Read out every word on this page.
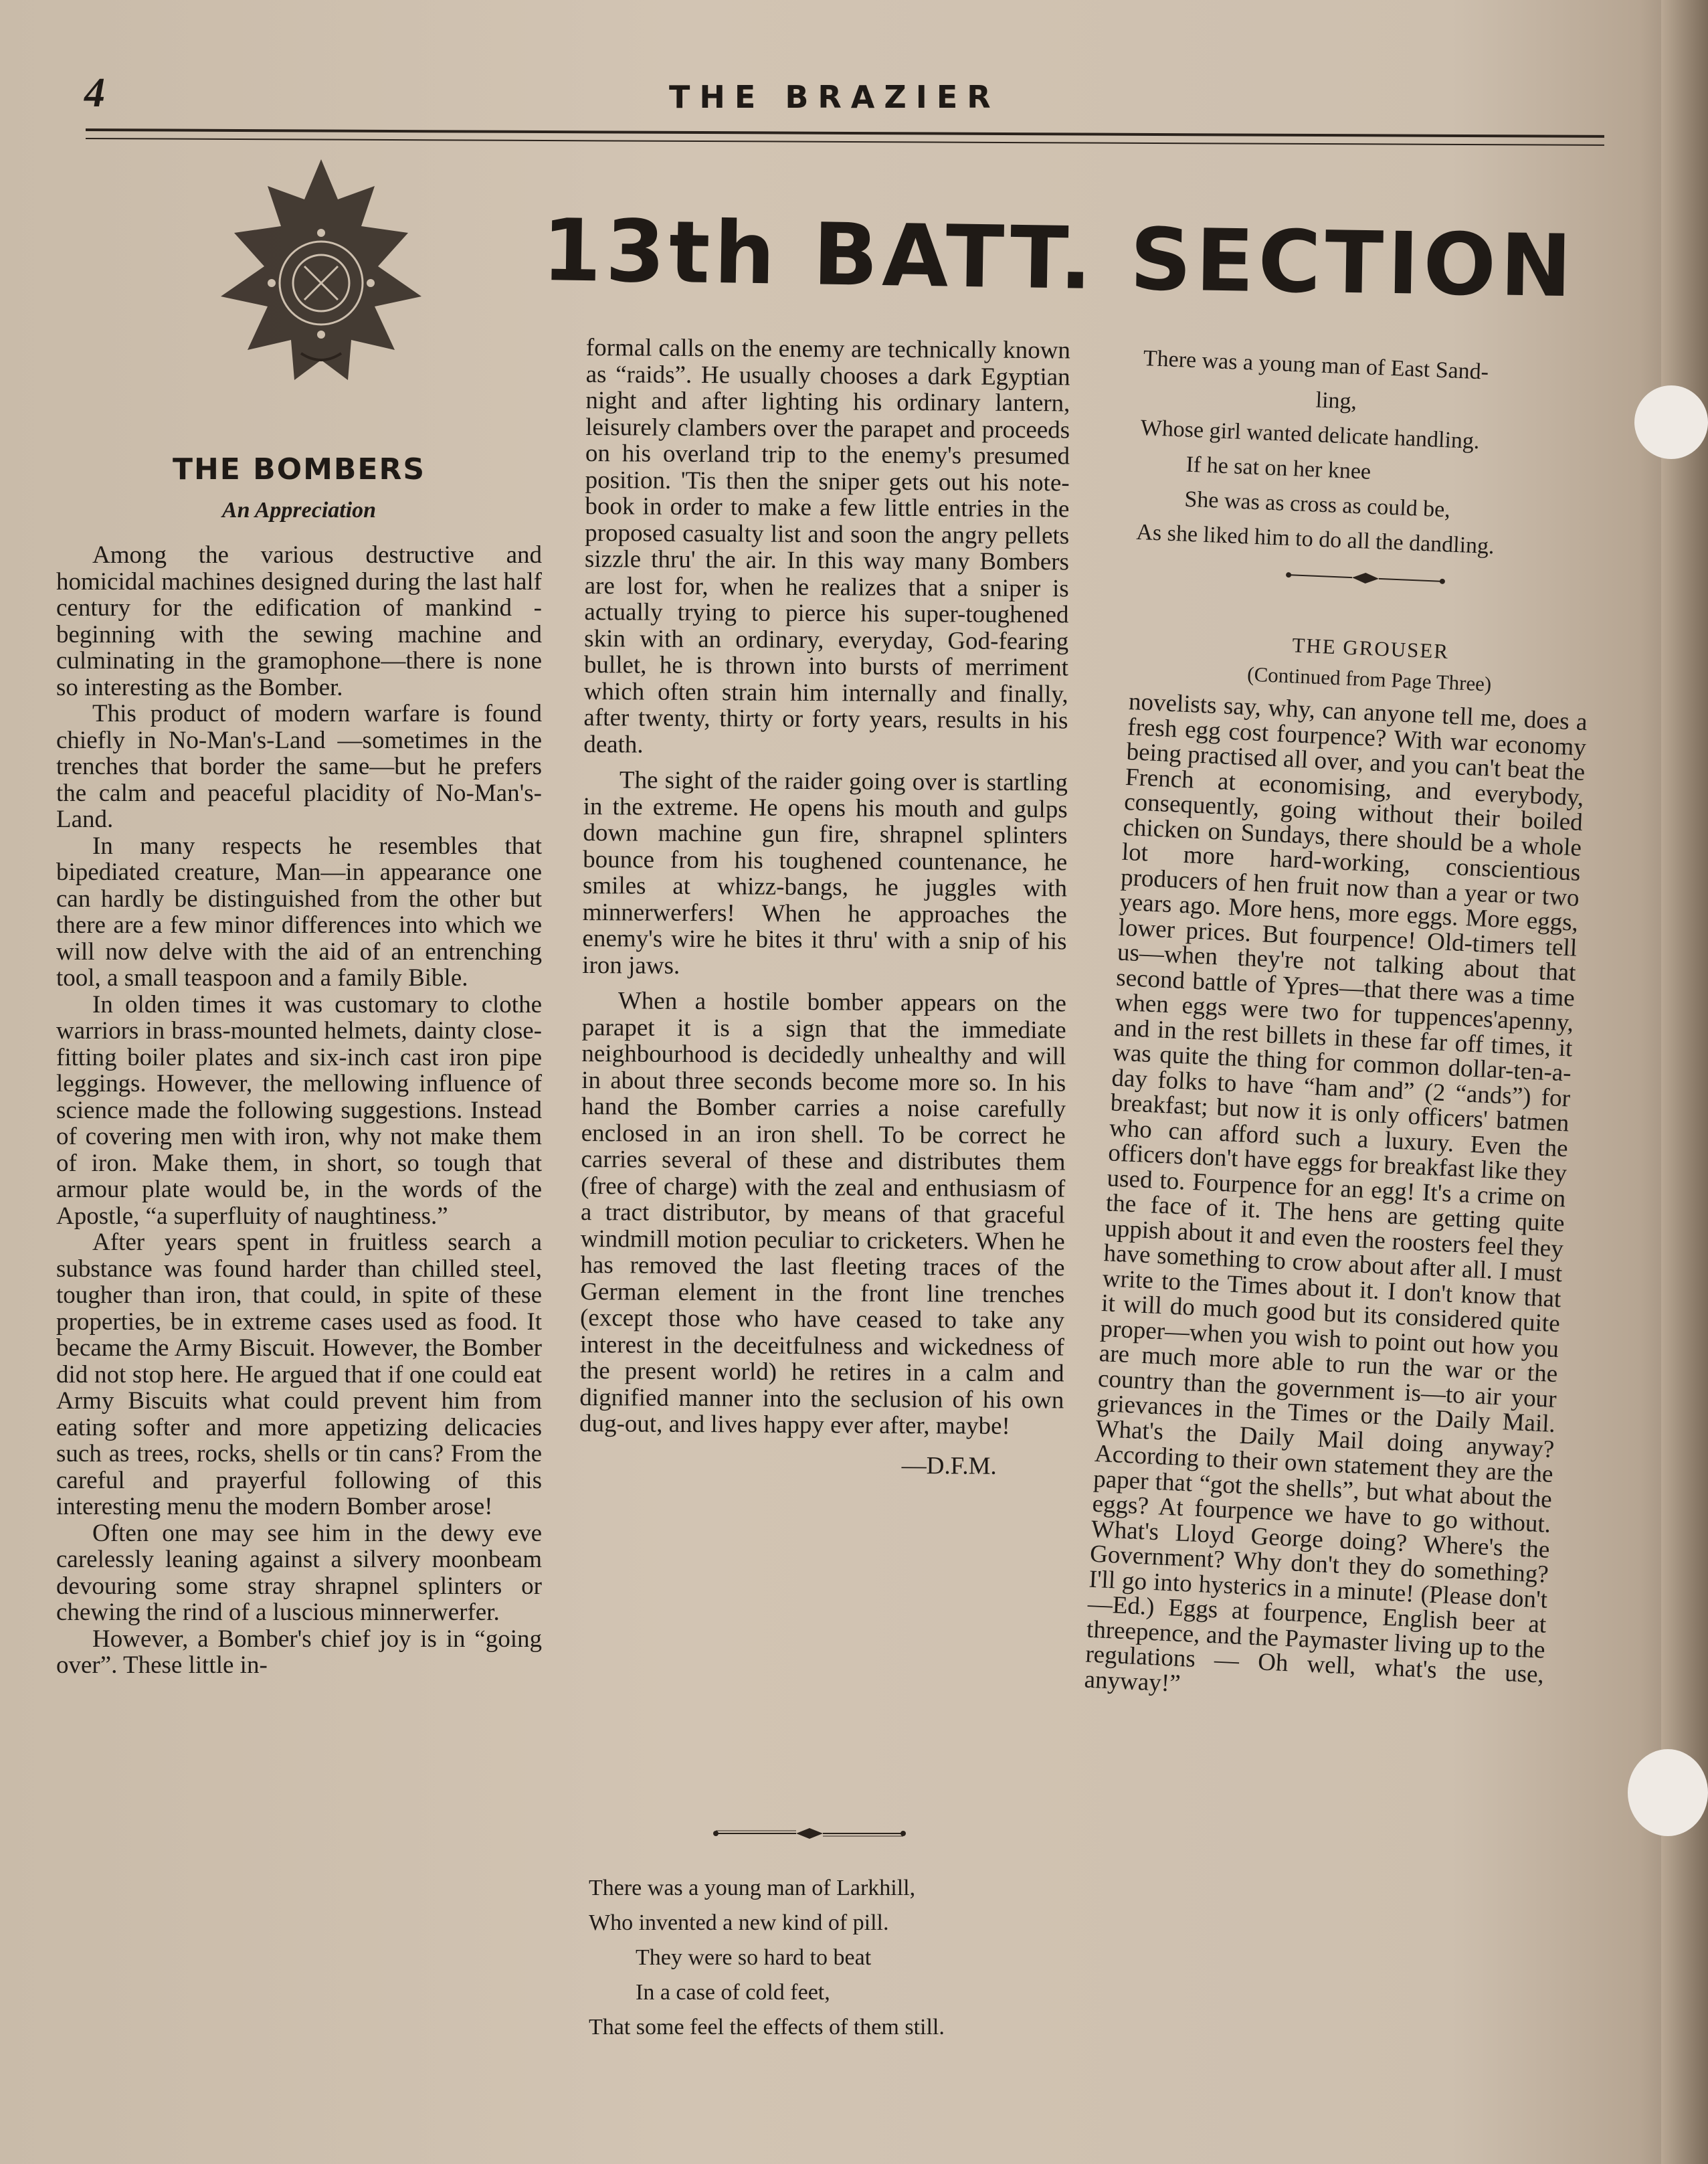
4	THE BRAZIER
13th BATT. SECTION
THE BOMBERS
An Appreciation

Among the various destructive and homicidal machines designed during the last half century for the edification of mankind - beginning with the sewing machine and culminating in the gramophone—there is none so interesting as the Bomber.

This product of modern warfare is found chiefly in No-Man's-Land —sometimes in the trenches that border the same—but he prefers the calm and peaceful placidity of No-Man's-Land.

In many respects he resembles that bipediated creature, Man—in appearance one can hardly be distinguished from the other but there are a few minor differences into which we will now delve with the aid of an entrenching tool, a small teaspoon and a family Bible.

In olden times it was customary to clothe warriors in brass-mounted helmets, dainty close-fitting boiler plates and six-inch cast iron pipe leggings. However, the mellowing influence of science made the following suggestions. Instead of covering men with iron, why not make them of iron. Make them, in short, so tough that armour plate would be, in the words of the Apostle, “a superfluity of naughtiness.”

After years spent in fruitless search a substance was found harder than chilled steel, tougher than iron, that could, in spite of these properties, be in extreme cases used as food. It became the Army Biscuit. However, the Bomber did not stop here. He argued that if one could eat Army Biscuits what could prevent him from eating softer and more appetizing delicacies such as trees, rocks, shells or tin cans? From the careful and prayerful following of this interesting menu the modern Bomber arose!

Often one may see him in the dewy eve carelessly leaning against a silvery moonbeam devouring some stray shrapnel splinters or chewing the rind of a luscious minnerwerfer.

However, a Bomber's chief joy is in “going over”. These little in-

formal calls on the enemy are technically known as “raids”. He usually chooses a dark Egyptian night and after lighting his ordinary lantern, leisurely clambers over the parapet and proceeds on his overland trip to the enemy's presumed position. 'Tis then the sniper gets out his note-book in order to make a few little entries in the proposed casualty list and soon the angry pellets sizzle thru' the air. In this way many Bombers are lost for, when he realizes that a sniper is actually trying to pierce his super-toughened skin with an ordinary, everyday, God-fearing bullet, he is thrown into bursts of merriment which often strain him internally and finally, after twenty, thirty or forty years, results in his death.

The sight of the raider going over is startling in the extreme. He opens his mouth and gulps down machine gun fire, shrapnel splinters bounce from his toughened countenance, he smiles at whizz-bangs, he juggles with minnerwerfers! When he approaches the enemy's wire he bites it thru' with a snip of his iron jaws.

When a hostile bomber appears on the parapet it is a sign that the immediate neighbourhood is decidedly unhealthy and will in about three seconds become more so. In his hand the Bomber carries a noise carefully enclosed in an iron shell. To be correct he carries several of these and distributes them (free of charge) with the zeal and enthusiasm of a tract distributor, by means of that graceful windmill motion peculiar to cricketers. When he has removed the last fleeting traces of the German element in the front line trenches (except those who have ceased to take any interest in the deceitfulness and wickedness of the present world) he retires in a calm and dignified manner into the seclusion of his own dug-out, and lives happy ever after, maybe!

—D.F.M.
There was a young man of Larkhill,
Who invented a new kind of pill.
They were so hard to beat
In a case of cold feet,
That some feel the effects of them still.
There was a young man of East Sand-
ling,
Whose girl wanted delicate handling.
If he sat on her knee
She was as cross as could be,
As she liked him to do all the dandling.
THE GROUSER
(Continued from Page Three)

novelists say, why, can anyone tell me, does a fresh egg cost fourpence? With war economy being practised all over, and you can't beat the French at economising, and everybody, consequently, going without their boiled chicken on Sundays, there should be a whole lot more hard-working, conscientious producers of hen fruit now than a year or two years ago. More hens, more eggs. More eggs, lower prices. But fourpence! Old-timers tell us—when they're not talking about that second battle of Ypres—that there was a time when eggs were two for tuppences'apenny, and in the rest billets in these far off times, it was quite the thing for common dollar-ten-a-day folks to have “ham and” (2 “ands”) for breakfast; but now it is only officers' batmen who can afford such a luxury. Even the officers don't have eggs for breakfast like they used to. Fourpence for an egg! It's a crime on the face of it. The hens are getting quite uppish about it and even the roosters feel they have something to crow about after all. I must write to the Times about it. I don't know that it will do much good but its considered quite proper—when you wish to point out how you are much more able to run the war or the country than the government is—to air your grievances in the Times or the Daily Mail. What's the Daily Mail doing anyway? According to their own statement they are the paper that “got the shells”, but what about the eggs? At fourpence we have to go without. What's Lloyd George doing? Where's the Government? Why don't they do something? I'll go into hysterics in a minute! (Please don't—Ed.) Eggs at fourpence, English beer at threepence, and the Paymaster living up to the regulations — Oh well, what's the use, anyway!”
